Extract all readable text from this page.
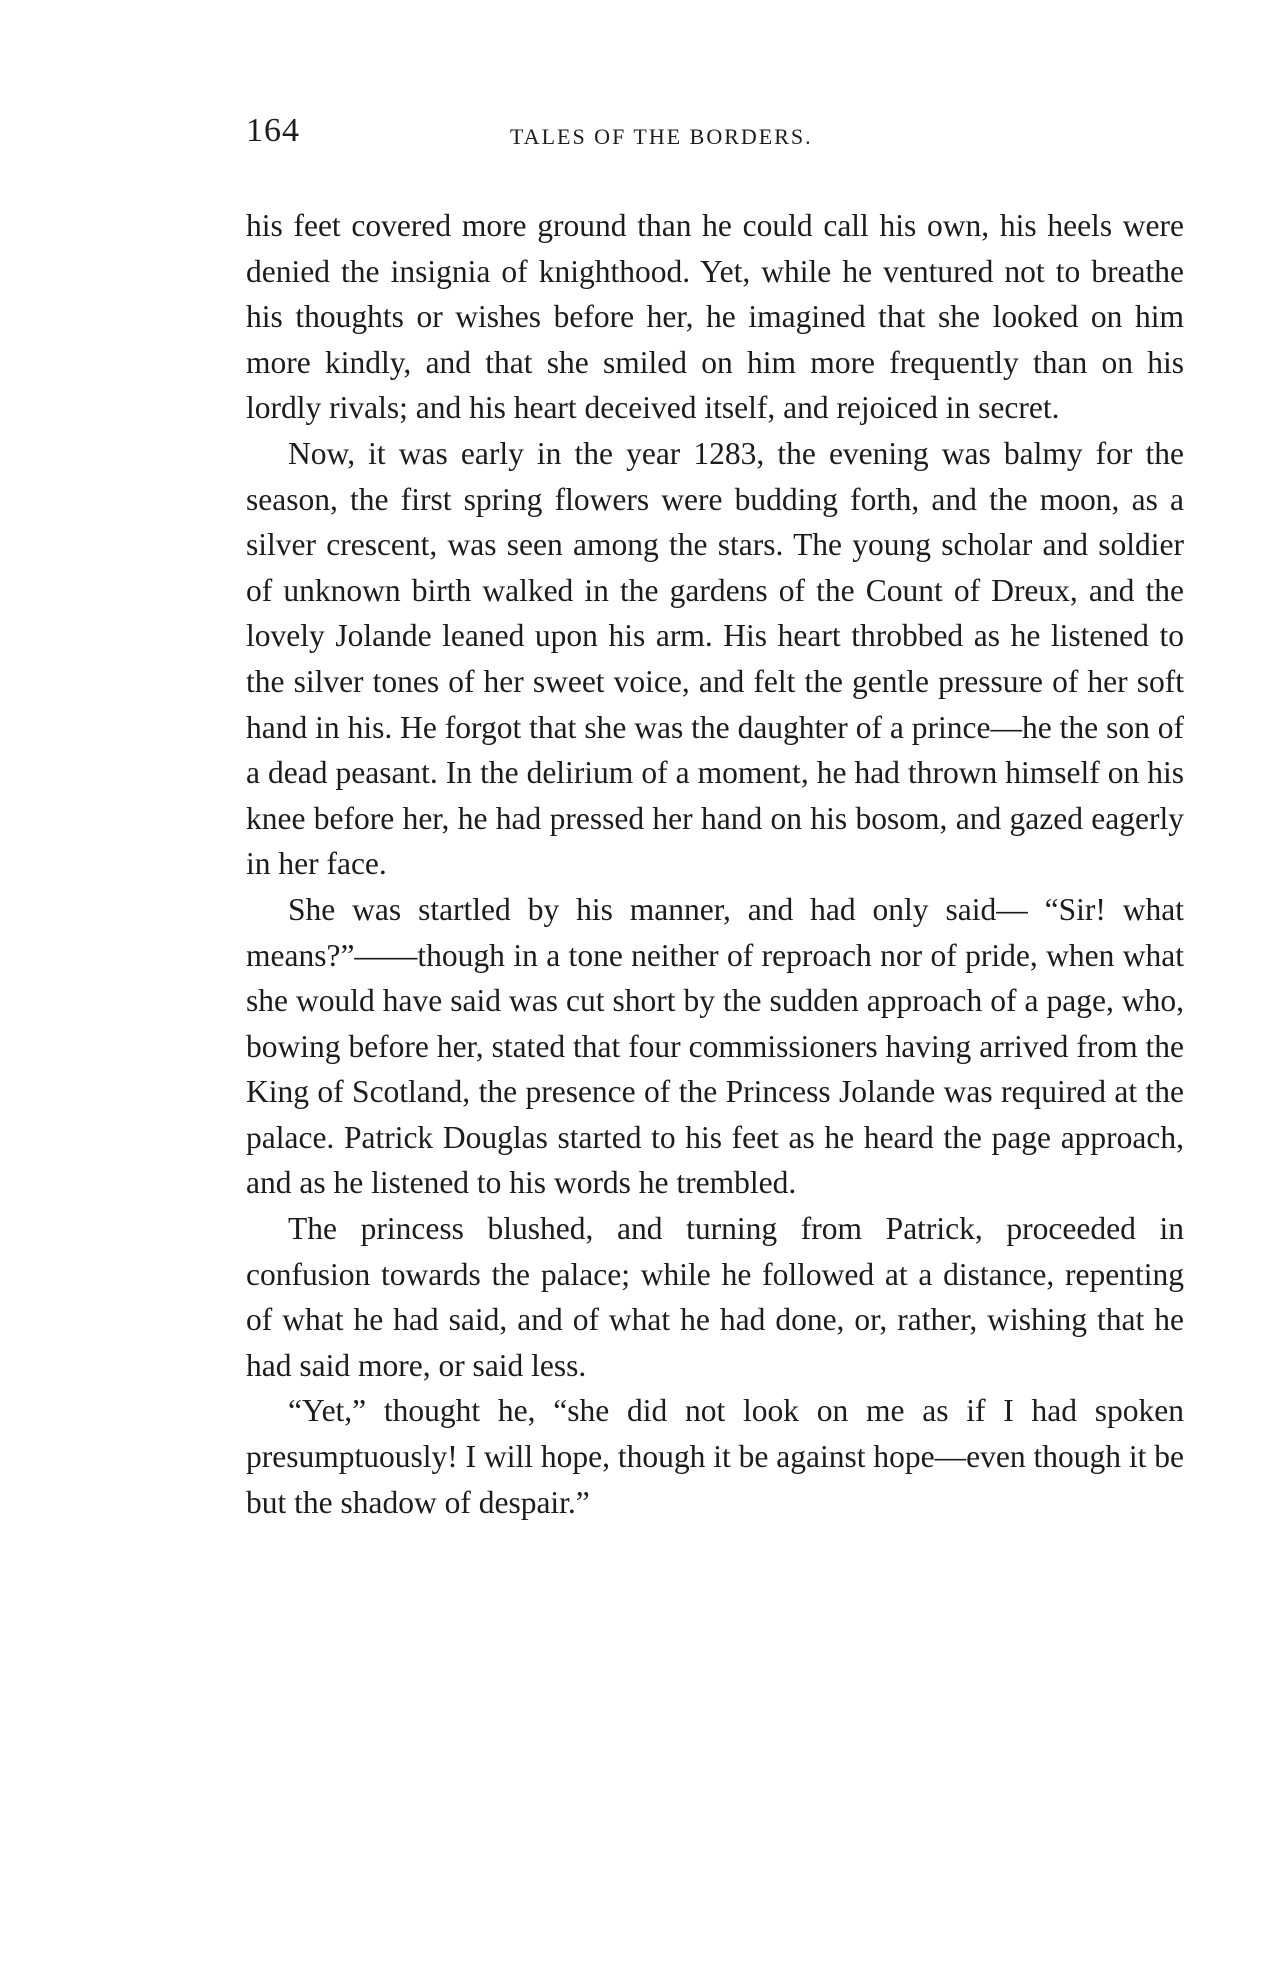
164	TALES OF THE BORDERS.

his feet covered more ground than he could call his own, his heels were denied the insignia of knighthood. Yet, while he ventured not to breathe his thoughts or wishes before her, he imagined that she looked on him more kindly, and that she smiled on him more frequently than on his lordly rivals; and his heart deceived itself, and rejoiced in secret.

Now, it was early in the year 1283, the evening was balmy for the season, the first spring flowers were budding forth, and the moon, as a silver crescent, was seen among the stars. The young scholar and soldier of unknown birth walked in the gardens of the Count of Dreux, and the lovely Jolande leaned upon his arm. His heart throbbed as he listened to the silver tones of her sweet voice, and felt the gentle pressure of her soft hand in his. He forgot that she was the daughter of a prince—he the son of a dead peasant. In the delirium of a moment, he had thrown himself on his knee before her, he had pressed her hand on his bosom, and gazed eagerly in her face.

She was startled by his manner, and had only said— “Sir! what means?”——though in a tone neither of reproach nor of pride, when what she would have said was cut short by the sudden approach of a page, who, bowing before her, stated that four commissioners having arrived from the King of Scotland, the presence of the Princess Jolande was required at the palace. Patrick Douglas started to his feet as he heard the page approach, and as he listened to his words he trembled.

The princess blushed, and turning from Patrick, proceeded in confusion towards the palace; while he followed at a distance, repenting of what he had said, and of what he had done, or, rather, wishing that he had said more, or said less.

“Yet,” thought he, “she did not look on me as if I had spoken presumptuously! I will hope, though it be against hope—even though it be but the shadow of despair.”
